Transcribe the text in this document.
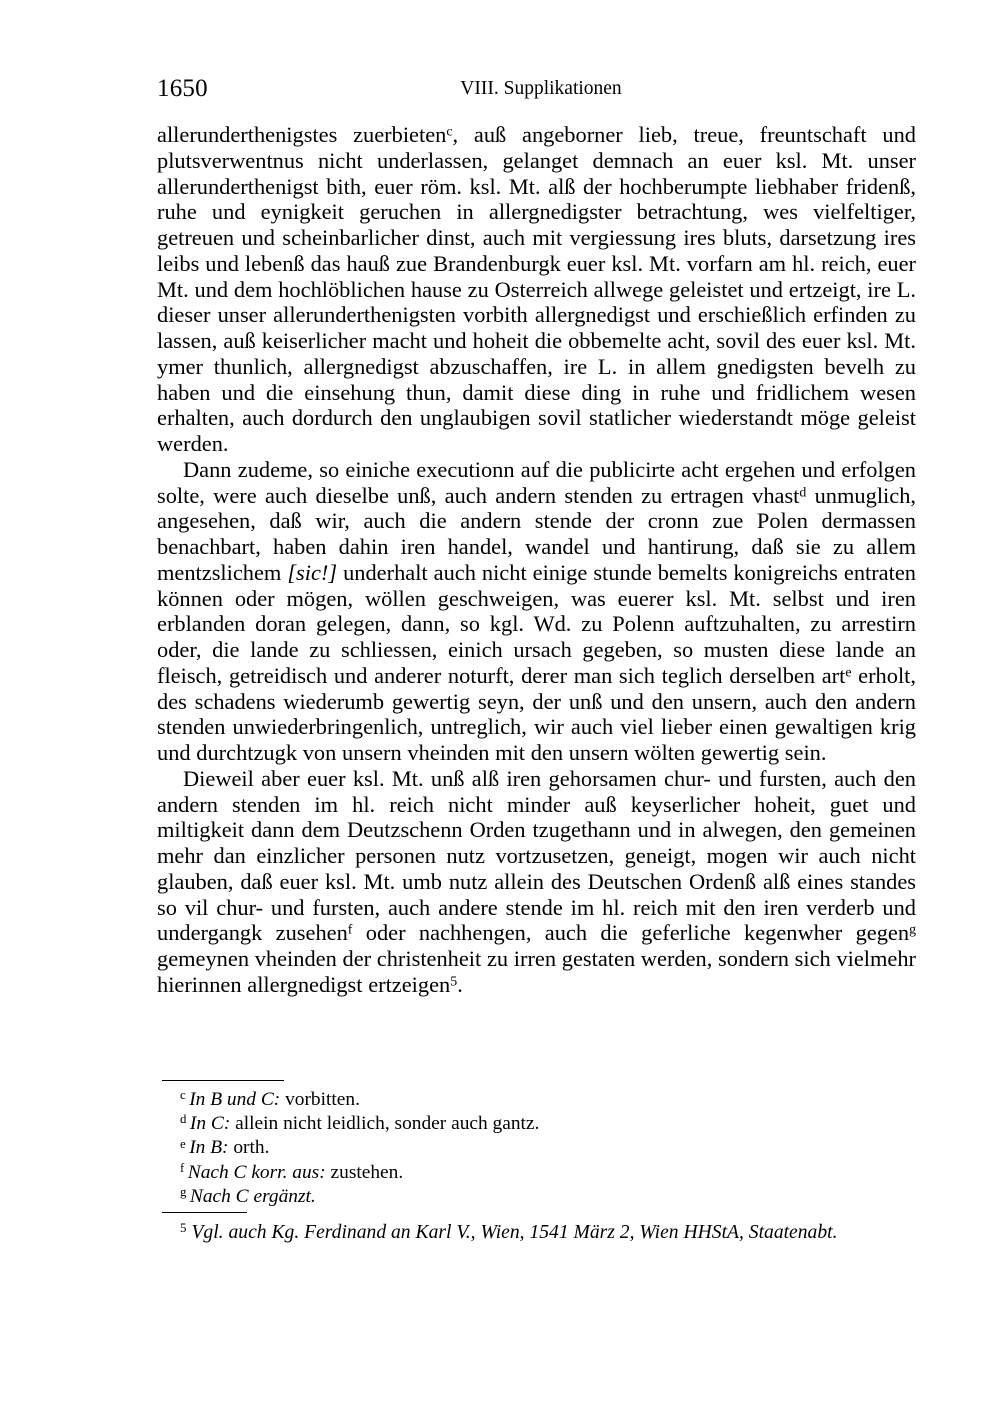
1650	VIII. Supplikationen

allerunderthenigstes zuerbieten$^c$, auß angeborner lieb, treue, freuntschaft und plutsverwentnus nicht underlassen, gelanget demnach an euer ksl. Mt. unser allerunderthenigst bith, euer röm. ksl. Mt. alß der hochberumpte liebhaber fridenß, ruhe und eynigkeit geruchen in allergnedigster betrachtung, wes vielfeltiger, getreuen und scheinbarlicher dinst, auch mit vergiessung ires bluts, darsetzung ires leibs und lebenß das hauß zue Brandenburgk euer ksl. Mt. vorfarn am hl. reich, euer Mt. und dem hochlöblichen hause zu Osterreich allwege geleistet und ertzeigt, ire L. dieser unser allerunderthenigsten vorbith allergnedigst und erschießlich erfinden zu lassen, auß keiserlicher macht und hoheit die obbemelte acht, sovil des euer ksl. Mt. ymer thunlich, allergnedigst abzuschaffen, ire L. in allem gnedigsten bevelh zu haben und die einsehung thun, damit diese ding in ruhe und fridlichem wesen erhalten, auch dordurch den unglaubigen sovil statlicher wiederstandt möge geleist werden.

Dann zudeme, so einiche executionn auf die publicirte acht ergehen und erfolgen solte, were auch dieselbe unß, auch andern stenden zu ertragen vhast$^d$ unmuglich, angesehen, daß wir, auch die andern stende der cronn zue Polen dermassen benachbart, haben dahin iren handel, wandel und hantirung, daß sie zu allem mentzslichem [sic!] underhalt auch nicht einige stunde bemelts konigreichs entraten können oder mögen, wöllen geschweigen, was euerer ksl. Mt. selbst und iren erblanden doran gelegen, dann, so kgl. Wd. zu Polenn auftzuhalten, zu arrestirn oder, die lande zu schliessen, einich ursach gegeben, so musten diese lande an fleisch, getreidisch und anderer noturft, derer man sich teglich derselben art$^e$ erholt, des schadens wiederumb gewertig seyn, der unß und den unsern, auch den andern stenden unwiederbringenlich, untreglich, wir auch viel lieber einen gewaltigen krig und durchtzugk von unsern vheinden mit den unsern wölten gewertig sein.

Dieweil aber euer ksl. Mt. unß alß iren gehorsamen chur- und fursten, auch den andern stenden im hl. reich nicht minder auß keyserlicher hoheit, guet und miltigkeit dann dem Deutzschenn Orden tzugethann und in alwegen, den gemeinen mehr dan einzlicher personen nutz vortzusetzen, geneigt, mogen wir auch nicht glauben, daß euer ksl. Mt. umb nutz allein des Deutschen Ordenß alß eines standes so vil chur- und fursten, auch andere stende im hl. reich mit den iren verderb und undergangk zusehen$^f$ oder nachhengen, auch die geferliche kegenwher gegen$^g$ gemeynen vheinden der christenheit zu irren gestaten werden, sondern sich vielmehr hierinnen allergnedigst ertzeigen$^5$.

$^c$ In B und C: vorbitten.

$^d$ In C: allein nicht leidlich, sonder auch gantz.

$^e$ In B: orth.

$^f$ Nach C korr. aus: zustehen.

$^g$ Nach C ergänzt.

$^5$ Vgl. auch Kg. Ferdinand an Karl V., Wien, 1541 März 2, Wien HHStA, Staatenabt.
